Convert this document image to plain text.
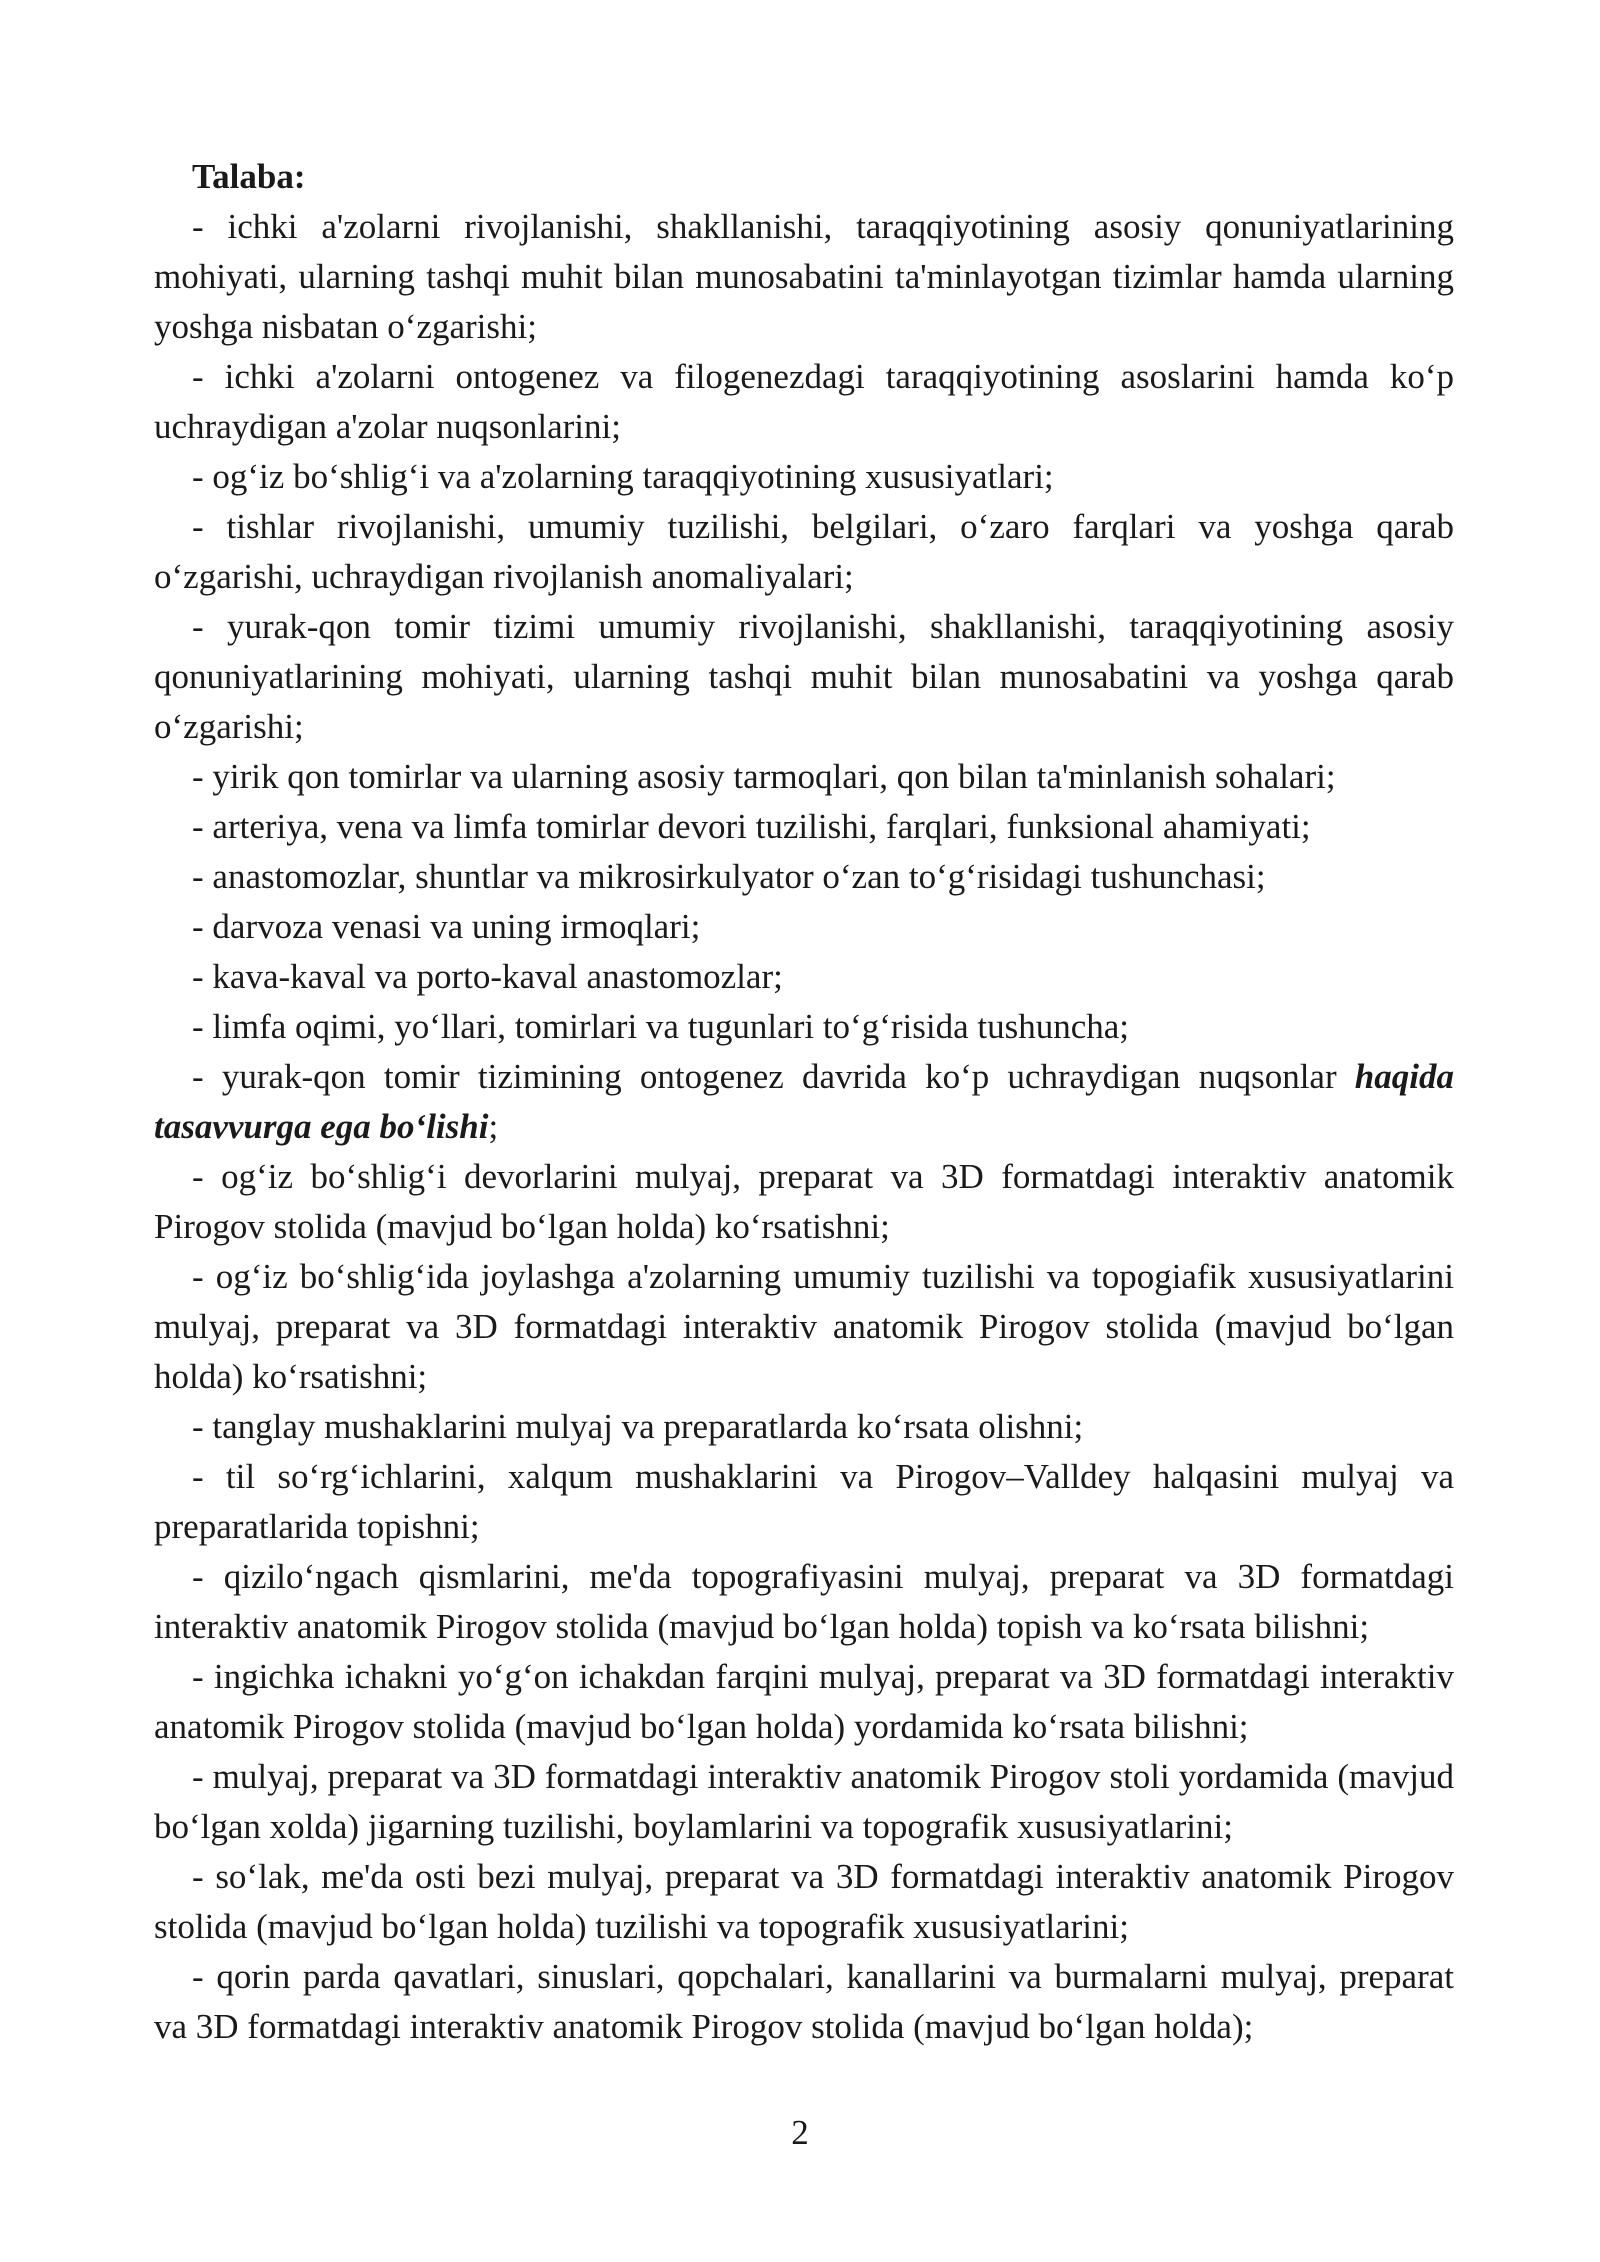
Talaba:

- ichki a'zolarni rivojlanishi, shakllanishi, taraqqiyotining asosiy qonuniyatlarining mohiyati, ularning tashqi muhit bilan munosabatini ta'minlayotgan tizimlar hamda ularning yoshga nisbatan o‘zgarishi;

- ichki a'zolarni ontogenez va filogenezdagi taraqqiyotining asoslarini hamda ko‘p uchraydigan a'zolar nuqsonlarini;

- og‘iz bo‘shlig‘i va a'zolarning taraqqiyotining xususiyatlari;

- tishlar rivojlanishi, umumiy tuzilishi, belgilari, o‘zaro farqlari va yoshga qarab o‘zgarishi, uchraydigan rivojlanish anomaliyalari;

- yurak-qon tomir tizimi umumiy rivojlanishi, shakllanishi, taraqqiyotining asosiy qonuniyatlarining mohiyati, ularning tashqi muhit bilan munosabatini va yoshga qarab o‘zgarishi;

- yirik qon tomirlar va ularning asosiy tarmoqlari, qon bilan ta'minlanish sohalari;

- arteriya, vena va limfa tomirlar devori tuzilishi, farqlari, funksional ahamiyati;

- anastomozlar, shuntlar va mikrosirkulyator o‘zan to‘g‘risidagi tushunchasi;

- darvoza venasi va uning irmoqlari;

- kava-kaval va porto-kaval anastomozlar;

- limfa oqimi, yo‘llari, tomirlari va tugunlari to‘g‘risida tushuncha;

- yurak-qon tomir tizimining ontogenez davrida ko‘p uchraydigan nuqsonlar haqida tasavvurga ega bo‘lishi;

- og‘iz bo‘shlig‘i devorlarini mulyaj, preparat va 3D formatdagi interaktiv anatomik Pirogov stolida (mavjud bo‘lgan holda) ko‘rsatishni;

- og‘iz bo‘shlig‘ida joylashga a'zolarning umumiy tuzilishi va topogiafik xususiyatlarini mulyaj, preparat va 3D formatdagi interaktiv anatomik Pirogov stolida (mavjud bo‘lgan holda) ko‘rsatishni;

- tanglay mushaklarini mulyaj va preparatlarda ko‘rsata olishni;

- til so‘rg‘ichlarini, xalqum mushaklarini va Pirogov–Valldey halqasini mulyaj va preparatlarida topishni;

- qizilo‘ngach qismlarini, me'da topografiyasini mulyaj, preparat va 3D formatdagi interaktiv anatomik Pirogov stolida (mavjud bo‘lgan holda) topish va ko‘rsata bilishni;

- ingichka ichakni yo‘g‘on ichakdan farqini mulyaj, preparat va 3D formatdagi interaktiv anatomik Pirogov stolida (mavjud bo‘lgan holda) yordamida ko‘rsata bilishni;

- mulyaj, preparat va 3D formatdagi interaktiv anatomik Pirogov stoli yordamida (mavjud bo‘lgan xolda) jigarning tuzilishi, boylamlarini va topografik xususiyatlarini;

- so‘lak, me'da osti bezi mulyaj, preparat va 3D formatdagi interaktiv anatomik Pirogov stolida (mavjud bo‘lgan holda) tuzilishi va topografik xususiyatlarini;

- qorin parda qavatlari, sinuslari, qopchalari, kanallarini va burmalarni mulyaj, preparat va 3D formatdagi interaktiv anatomik Pirogov stolida (mavjud bo‘lgan holda);

2
